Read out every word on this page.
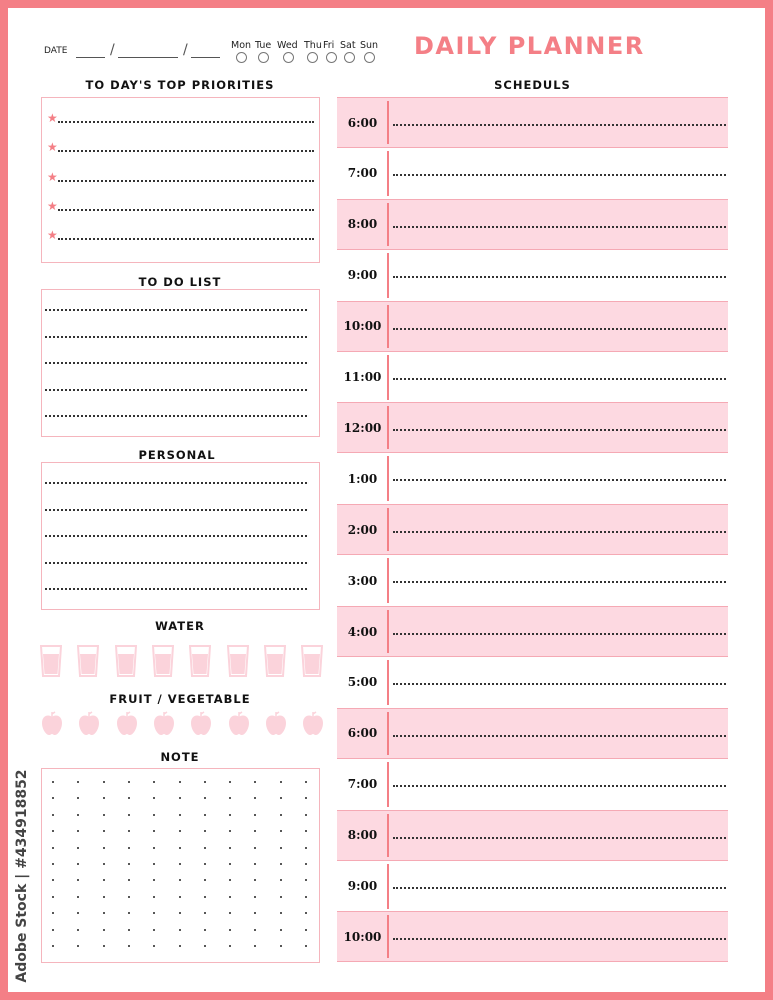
DAILY PLANNER
DATE	/	/	Mon Tue Wed Thu Fri Sat Sun
TO DAY'S TOP PRIORITIES
★
★
★
★
★
TO DO LIST
PERSONAL
WATER
FRUIT / VEGETABLE
NOTE
SCHEDULS
6:00
7:00
8:00
9:00
10:00
11:00
12:00
1:00
2:00
3:00
4:00
5:00
6:00
7:00
8:00
9:00
10:00
Adobe Stock | #434918852
